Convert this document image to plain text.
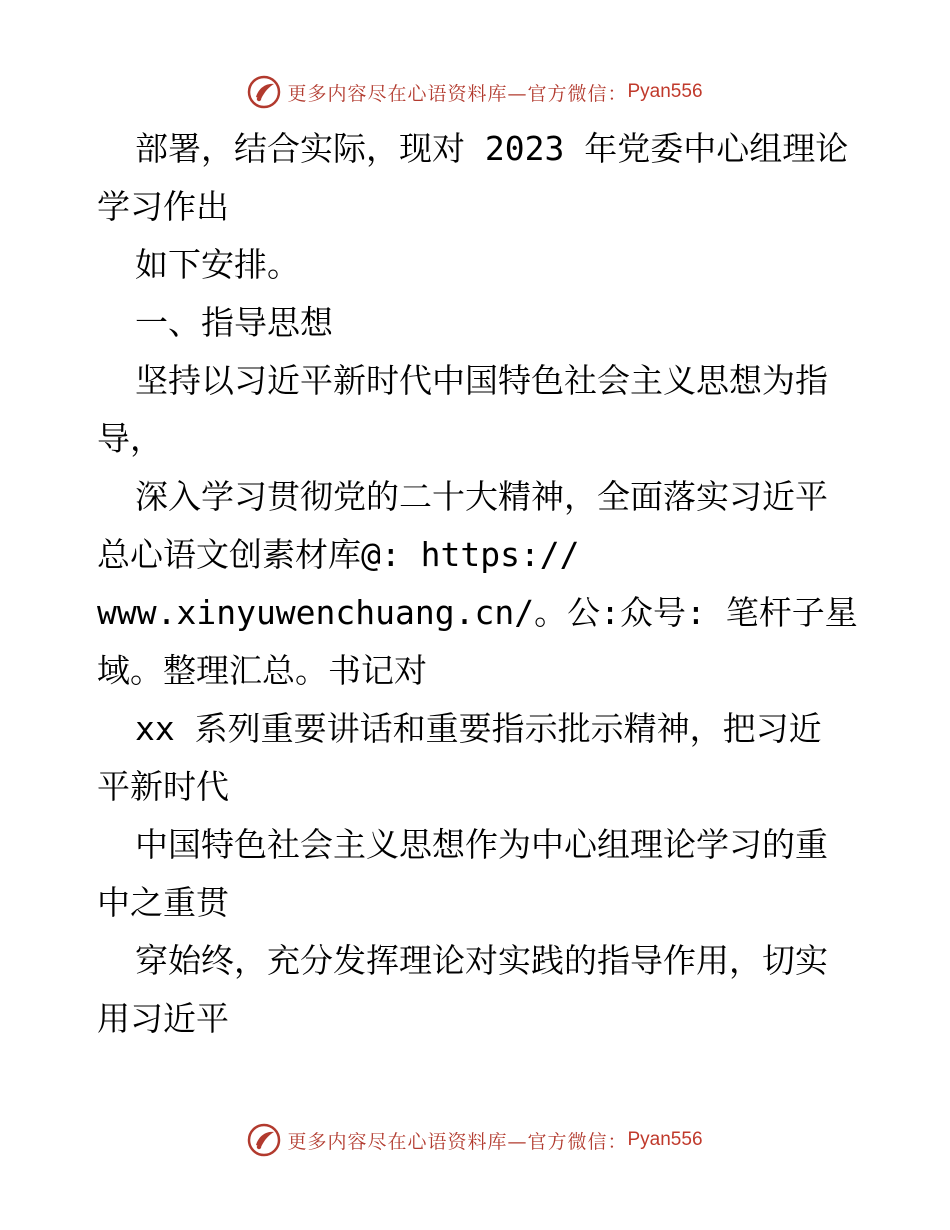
更多内容尽在心语资料库—官方微信： Pyan556
部署，结合实际，现对 2023 年党委中心组理论
学习作出
如下安排。
一、指导思想
坚持以习近平新时代中国特色社会主义思想为指
导，
深入学习贯彻党的二十大精神，全面落实习近平
总心语文创素材库@: https://
www.xinyuwenchuang.cn/。公:众号: 笔杆子星
域。整理汇总。书记对
xx 系列重要讲话和重要指示批示精神，把习近
平新时代
中国特色社会主义思想作为中心组理论学习的重
中之重贯
穿始终，充分发挥理论对实践的指导作用，切实
用习近平
更多内容尽在心语资料库—官方微信： Pyan556
